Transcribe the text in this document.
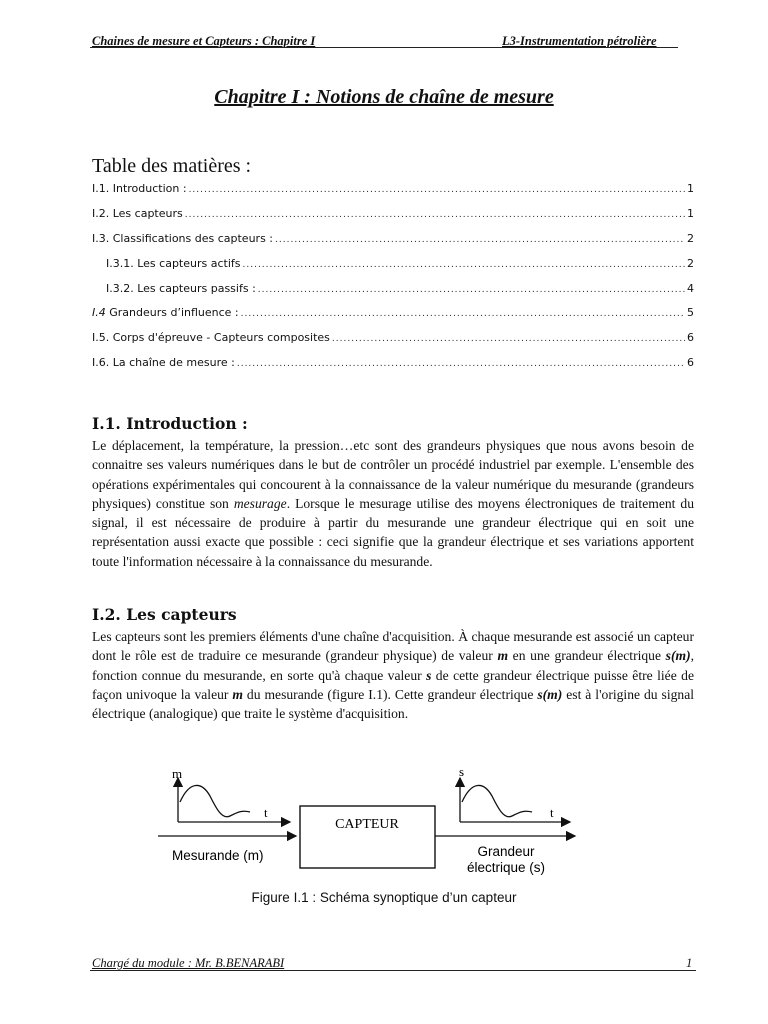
Chaines de mesure et Capteurs : Chapitre I	L3-Instrumentation pétrolière
Chapitre I : Notions de chaîne de mesure
Table des matières :
I.1. Introduction : .....	1
I.2. Les capteurs .....	1
I.3. Classifications des capteurs : .....	2
I.3.1. Les capteurs actifs .....	2
I.3.2. Les capteurs passifs : .....	4
I.4 Grandeurs d’influence : .....	5
I.5. Corps d'épreuve - Capteurs composites .....	6
I.6. La chaîne de mesure : .....	6
I.1. Introduction :

Le déplacement, la température, la pression…etc sont des grandeurs physiques que nous avons besoin de connaitre ses valeurs numériques dans le but de contrôler un procédé industriel par exemple. L'ensemble des opérations expérimentales qui concourent à la connaissance de la valeur numérique du mesurande (grandeurs physiques) constitue son mesurage. Lorsque le mesurage utilise des moyens électroniques de traitement du signal, il est nécessaire de produire à partir du mesurande une grandeur électrique qui en soit une représentation aussi exacte que possible : ceci signifie que la grandeur électrique et ses variations apportent toute l'information nécessaire à la connaissance du mesurande.

I.2. Les capteurs

Les capteurs sont les premiers éléments d'une chaîne d'acquisition. À chaque mesurande est associé un capteur dont le rôle est de traduire ce mesurande (grandeur physique) de valeur m en une grandeur électrique s(m), fonction connue du mesurande, en sorte qu'à chaque valeur s de cette grandeur électrique puisse être liée de façon univoque la valeur m du mesurande (figure I.1). Cette grandeur électrique s(m) est à l'origine du signal électrique (analogique) que traite le système d'acquisition.

m
t
Mesurande (m)
CAPTEUR
s
t
Grandeur
électrique (s)
Figure I.1 : Schéma synoptique d’un capteur
Chargé du module : Mr. B.BENARABI	1
